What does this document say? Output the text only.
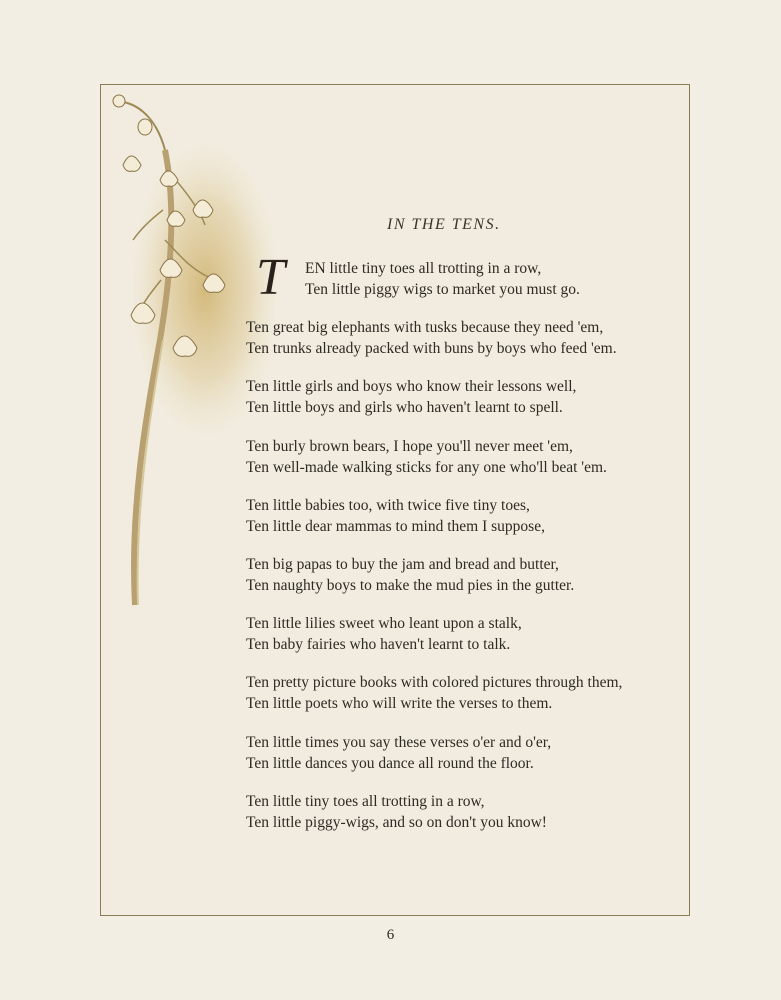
IN THE TENS.
T	EN little tiny toes all trotting in a row,
Ten little piggy wigs to market you must go.
Ten great big elephants with tusks because they need 'em,
Ten trunks already packed with buns by boys who feed 'em.
Ten little girls and boys who know their lessons well,
Ten little boys and girls who haven't learnt to spell.
Ten burly brown bears, I hope you'll never meet 'em,
Ten well-made walking sticks for any one who'll beat 'em.
Ten little babies too, with twice five tiny toes,
Ten little dear mammas to mind them I suppose,
Ten big papas to buy the jam and bread and butter,
Ten naughty boys to make the mud pies in the gutter.
Ten little lilies sweet who leant upon a stalk,
Ten baby fairies who haven't learnt to talk.
Ten pretty picture books with colored pictures through them,
Ten little poets who will write the verses to them.
Ten little times you say these verses o'er and o'er,
Ten little dances you dance all round the floor.
Ten little tiny toes all trotting in a row,
Ten little piggy-wigs, and so on don't you know!
6
